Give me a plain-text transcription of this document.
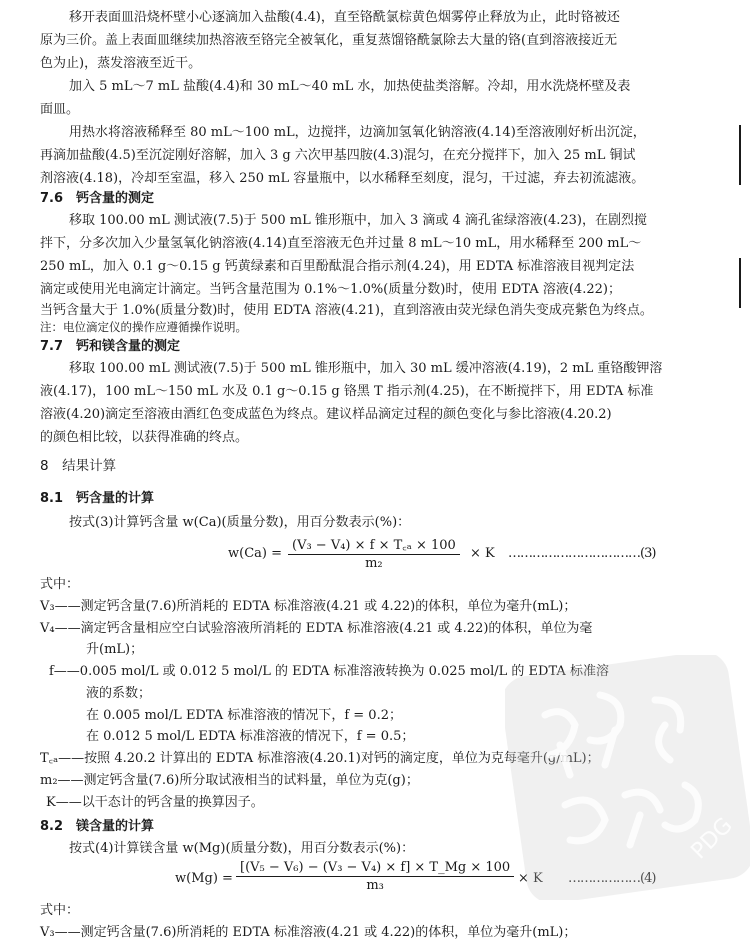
移开表面皿沿烧杯壁小心逐滴加入盐酸(4.4)，直至铬酰氯棕黄色烟雾停止释放为止，此时铬被还
原为三价。盖上表面皿继续加热溶液至铬完全被氧化，重复蒸馏铬酰氯除去大量的铬(直到溶液接近无
色为止)，蒸发溶液至近干。
加入 5 mL～7 mL 盐酸(4.4)和 30 mL～40 mL 水，加热使盐类溶解。冷却，用水洗烧杯壁及表
面皿。
用热水将溶液稀释至 80 mL～100 mL，边搅拌，边滴加氢氧化钠溶液(4.14)至溶液刚好析出沉淀，
再滴加盐酸(4.5)至沉淀刚好溶解，加入 3 g 六次甲基四胺(4.3)混匀，在充分搅拌下，加入 25 mL 铜试
剂溶液(4.18)，冷却至室温，移入 250 mL 容量瓶中，以水稀释至刻度，混匀，干过滤，弃去初流滤液。
7.6　钙含量的测定
移取 100.00 mL 测试液(7.5)于 500 mL 锥形瓶中，加入 3 滴或 4 滴孔雀绿溶液(4.23)，在剧烈搅
拌下，分多次加入少量氢氧化钠溶液(4.14)直至溶液无色并过量 8 mL～10 mL，用水稀释至 200 mL～
250 mL，加入 0.1 g～0.15 g 钙黄绿素和百里酚酞混合指示剂(4.24)，用 EDTA 标准溶液目视判定法
滴定或使用光电滴定计滴定。当钙含量范围为 0.1%～1.0%(质量分数)时，使用 EDTA 溶液(4.22)；
当钙含量大于 1.0%(质量分数)时，使用 EDTA 溶液(4.21)，直到溶液由荧光绿色消失变成亮紫色为终点。
注：电位滴定仪的操作应遵循操作说明。
7.7　钙和镁含量的测定
移取 100.00 mL 测试液(7.5)于 500 mL 锥形瓶中，加入 30 mL 缓冲溶液(4.19)，2 mL 重铬酸钾溶
液(4.17)，100 mL～150 mL 水及 0.1 g～0.15 g 铬黑 T 指示剂(4.25)，在不断搅拌下，用 EDTA 标准
溶液(4.20)滴定至溶液由酒红色变成蓝色为终点。建议样品滴定过程的颜色变化与参比溶液(4.20.2)
的颜色相比较，以获得准确的终点。
8　结果计算
8.1　钙含量的计算
按式(3)计算钙含量 w(Ca)(质量分数)，用百分数表示(%)：
$w(Ca) = \frac{\text{(V₃ − V₄) × f × T꜀ₐ × 100}}{\text{m₂}} \times K$ ……………………………(3)
式中：
V₃——测定钙含量(7.6)所消耗的 EDTA 标准溶液(4.21 或 4.22)的体积，单位为毫升(mL)；
V₄——滴定钙含量相应空白试验溶液所消耗的 EDTA 标准溶液(4.21 或 4.22)的体积，单位为毫
升(mL)；
f——0.005 mol/L 或 0.012 5 mol/L 的 EDTA 标准溶液转换为 0.025 mol/L 的 EDTA 标准溶
液的系数；
在 0.005 mol/L EDTA 标准溶液的情况下，f = 0.2；
在 0.012 5 mol/L EDTA 标准溶液的情况下，f = 0.5；
T꜀ₐ——按照 4.20.2 计算出的 EDTA 标准溶液(4.20.1)对钙的滴定度，单位为克每毫升(g/mL)；
m₂——测定钙含量(7.6)所分取试液相当的试料量，单位为克(g)；
K——以干态计的钙含量的换算因子。
8.2　镁含量的计算
按式(4)计算镁含量 w(Mg)(质量分数)，用百分数表示(%)：
$w(Mg) = \frac{\text{[(V₅ − V₆) − (V₃ − V₄) × f] × T\_Mg × 100}}{\text{m₃}} \times K$ ………………(4)
式中：
V₃——测定钙含量(7.6)所消耗的 EDTA 标准溶液(4.21 或 4.22)的体积，单位为毫升(mL)；
PDG
